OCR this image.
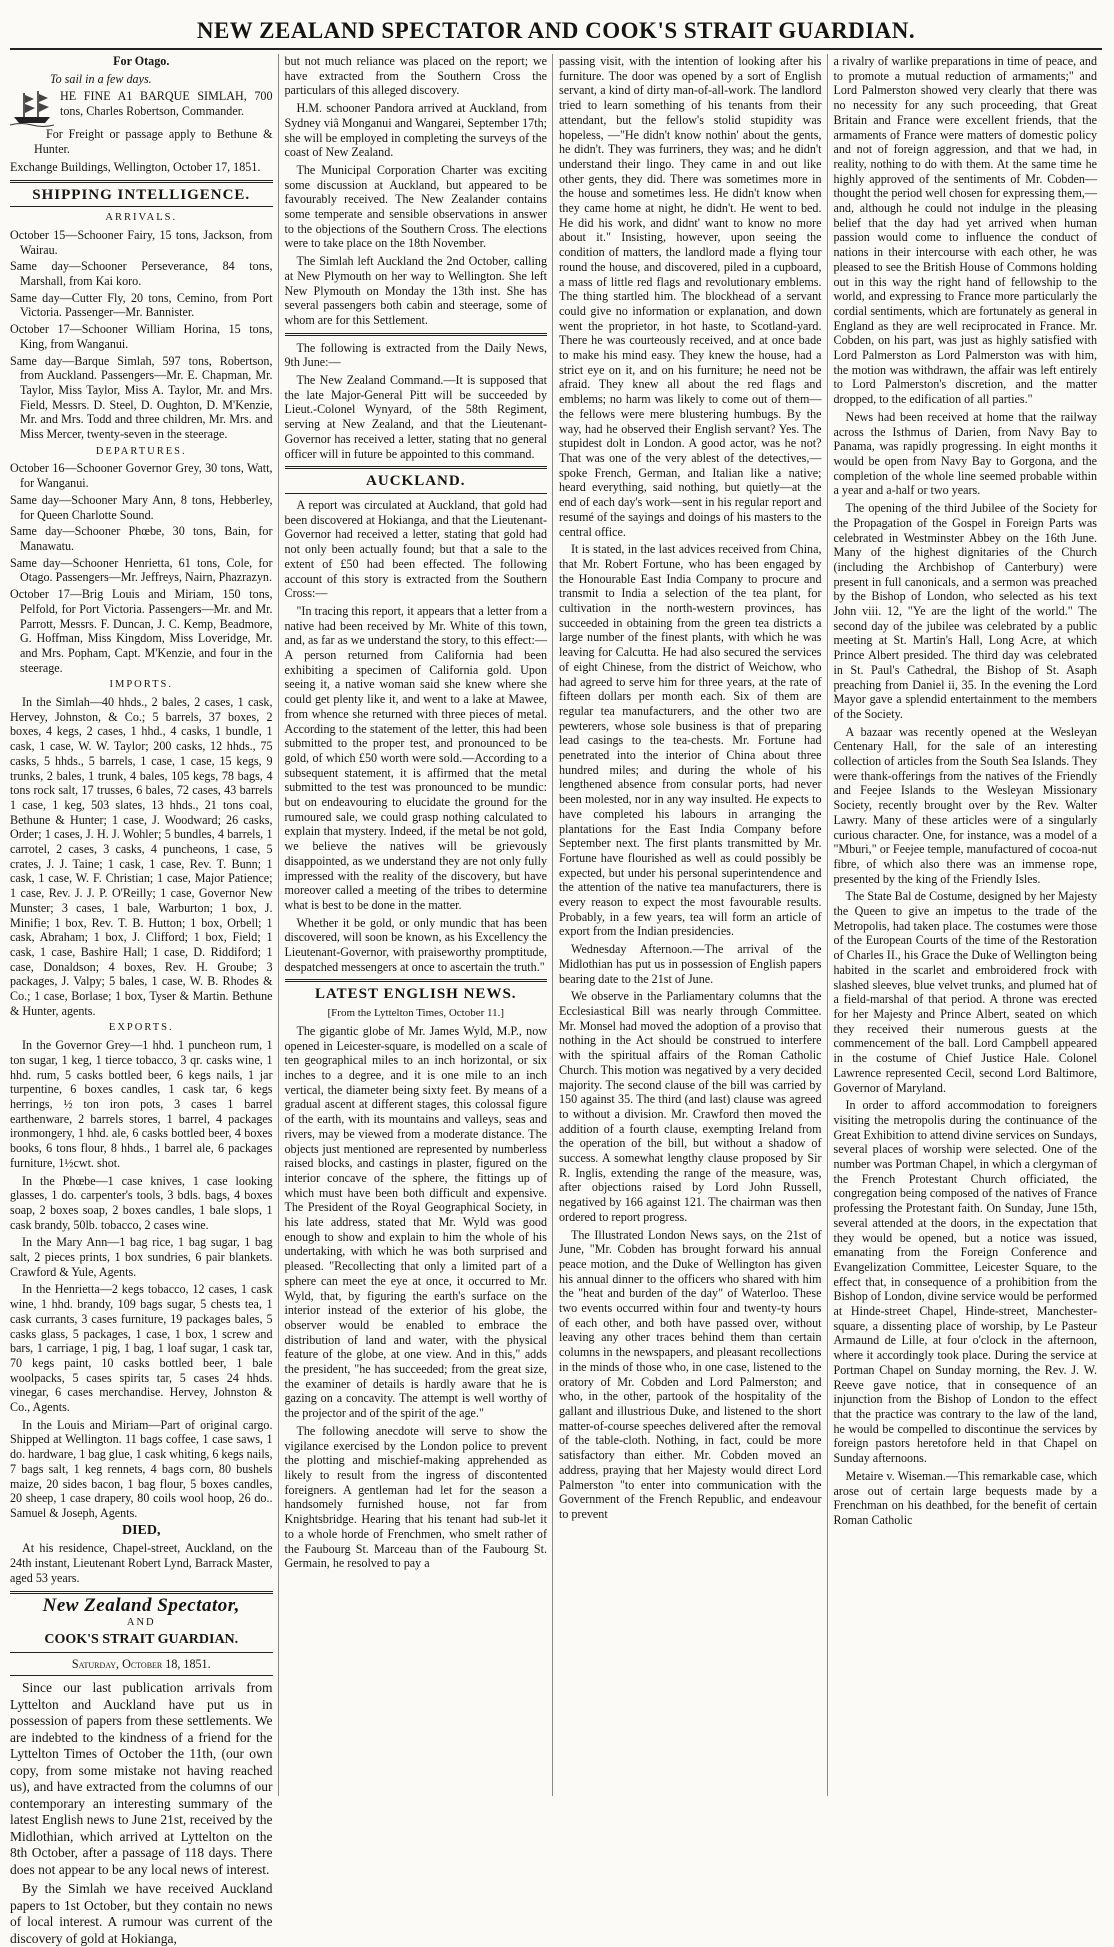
NEW ZEALAND SPECTATOR AND COOK'S STRAIT GUARDIAN.

For Otago.

To sail in a few days.

HE FINE A1 BARQUE SIMLAH, 700 tons, Charles Robertson, Commander.

For Freight or passage apply to Bethune & Hunter.

Exchange Buildings, Wellington, October 17, 1851.

SHIPPING INTELLIGENCE.

ARRIVALS.

October 15—Schooner Fairy, 15 tons, Jackson, from Wairau.

Same day—Schooner Perseverance, 84 tons, Marshall, from Kai koro.

Same day—Cutter Fly, 20 tons, Cemino, from Port Victoria. Passenger—Mr. Bannister.

October 17—Schooner William Horina, 15 tons, King, from Wanganui.

Same day—Barque Simlah, 597 tons, Robertson, from Auckland. Passengers—Mr. E. Chapman, Mr. Taylor, Miss Taylor, Miss A. Taylor, Mr. and Mrs. Field, Messrs. D. Steel, D. Oughton, D. M'Kenzie, Mr. and Mrs. Todd and three children, Mr. Mrs. and Miss Mercer, twenty-seven in the steerage.

DEPARTURES.

October 16—Schooner Governor Grey, 30 tons, Watt, for Wanganui.

Same day—Schooner Mary Ann, 8 tons, Hebberley, for Queen Charlotte Sound.

Same day—Schooner Phœbe, 30 tons, Bain, for Manawatu.

Same day—Schooner Henrietta, 61 tons, Cole, for Otago. Passengers—Mr. Jeffreys, Nairn, Phazrazyn.

October 17—Brig Louis and Miriam, 150 tons, Pelfold, for Port Victoria. Passengers—Mr. and Mr. Parrott, Messrs. F. Duncan, J. C. Kemp, Beadmore, G. Hoffman, Miss Kingdom, Miss Loveridge, Mr. and Mrs. Popham, Capt. M'Kenzie, and four in the steerage.

IMPORTS.

In the Simlah—40 hhds., 2 bales, 2 cases, 1 cask, Hervey, Johnston, & Co.; 5 barrels, 37 boxes, 2 boxes, 4 kegs, 2 cases, 1 hhd., 4 casks, 1 bundle, 1 cask, 1 case, W. W. Taylor; 200 casks, 12 hhds., 75 casks, 5 hhds., 5 barrels, 1 case, 1 case, 15 kegs, 9 trunks, 2 bales, 1 trunk, 4 bales, 105 kegs, 78 bags, 4 tons rock salt, 17 trusses, 6 bales, 72 cases, 43 barrels 1 case, 1 keg, 503 slates, 13 hhds., 21 tons coal, Bethune & Hunter; 1 case, J. Woodward; 26 casks, Order; 1 cases, J. H. J. Wohler; 5 bundles, 4 barrels, 1 carrotel, 2 cases, 3 casks, 4 puncheons, 1 case, 5 crates, J. J. Taine; 1 cask, 1 case, Rev. T. Bunn; 1 cask, 1 case, W. F. Christian; 1 case, Major Patience; 1 case, Rev. J. J. P. O'Reilly; 1 case, Governor New Munster; 3 cases, 1 bale, Warburton; 1 box, J. Minifie; 1 box, Rev. T. B. Hutton; 1 box, Orbell; 1 cask, Abraham; 1 box, J. Clifford; 1 box, Field; 1 cask, 1 case, Bashire Hall; 1 case, D. Riddiford; 1 case, Donaldson; 4 boxes, Rev. H. Groube; 3 packages, J. Valpy; 5 bales, 1 case, W. B. Rhodes & Co.; 1 case, Borlase; 1 box, Tyser & Martin. Bethune & Hunter, agents.

EXPORTS.

In the Governor Grey—1 hhd. 1 puncheon rum, 1 ton sugar, 1 keg, 1 tierce tobacco, 3 qr. casks wine, 1 hhd. rum, 5 casks bottled beer, 6 kegs nails, 1 jar turpentine, 6 boxes candles, 1 cask tar, 6 kegs herrings, ½ ton iron pots, 3 cases 1 barrel earthenware, 2 barrels stores, 1 barrel, 4 packages ironmongery, 1 hhd. ale, 6 casks bottled beer, 4 boxes books, 6 tons flour, 8 hhds., 1 barrel ale, 6 packages furniture, 1½cwt. shot.

In the Phœbe—1 case knives, 1 case looking glasses, 1 do. carpenter's tools, 3 bdls. bags, 4 boxes soap, 2 boxes soap, 2 boxes candles, 1 bale slops, 1 cask brandy, 50lb. tobacco, 2 cases wine.

In the Mary Ann—1 bag rice, 1 bag sugar, 1 bag salt, 2 pieces prints, 1 box sundries, 6 pair blankets. Crawford & Yule, Agents.

In the Henrietta—2 kegs tobacco, 12 cases, 1 cask wine, 1 hhd. brandy, 109 bags sugar, 5 chests tea, 1 cask currants, 3 cases furniture, 19 packages bales, 5 casks glass, 5 packages, 1 case, 1 box, 1 screw and bars, 1 carriage, 1 pig, 1 bag, 1 loaf sugar, 1 cask tar, 70 kegs paint, 10 casks bottled beer, 1 bale woolpacks, 5 cases spirits tar, 5 cases 24 hhds. vinegar, 6 cases merchandise. Hervey, Johnston & Co., Agents.

In the Louis and Miriam—Part of original cargo. Shipped at Wellington. 11 bags coffee, 1 case saws, 1 do. hardware, 1 bag glue, 1 cask whiting, 6 kegs nails, 7 bags salt, 1 keg rennets, 4 bags corn, 80 bushels maize, 20 sides bacon, 1 bag flour, 5 boxes candles, 20 sheep, 1 case drapery, 80 coils wool hoop, 26 do.. Samuel & Joseph, Agents.

DIED,

At his residence, Chapel-street, Auckland, on the 24th instant, Lieutenant Robert Lynd, Barrack Master, aged 53 years.

New Zealand Spectator,

AND

COOK'S STRAIT GUARDIAN.

Saturday, October 18, 1851.

Since our last publication arrivals from Lyttelton and Auckland have put us in possession of papers from these settlements. We are indebted to the kindness of a friend for the Lyttelton Times of October the 11th, (our own copy, from some mistake not having reached us), and have extracted from the columns of our contemporary an interesting summary of the latest English news to June 21st, received by the Midlothian, which arrived at Lyttelton on the 8th October, after a passage of 118 days. There does not appear to be any local news of interest.

By the Simlah we have received Auckland papers to 1st October, but they contain no news of local interest. A rumour was current of the discovery of gold at Hokianga,

but not much reliance was placed on the report; we have extracted from the Southern Cross the particulars of this alleged discovery.

H.M. schooner Pandora arrived at Auckland, from Sydney viâ Monganui and Wangarei, September 17th; she will be employed in completing the surveys of the coast of New Zealand.

The Municipal Corporation Charter was exciting some discussion at Auckland, but appeared to be favourably received. The New Zealander contains some temperate and sensible observations in answer to the objections of the Southern Cross. The elections were to take place on the 18th November.

The Simlah left Auckland the 2nd October, calling at New Plymouth on her way to Wellington. She left New Plymouth on Monday the 13th inst. She has several passengers both cabin and steerage, some of whom are for this Settlement.

The following is extracted from the Daily News, 9th June:—

The New Zealand Command.—It is supposed that the late Major-General Pitt will be succeeded by Lieut.-Colonel Wynyard, of the 58th Regiment, serving at New Zealand, and that the Lieutenant-Governor has received a letter, stating that no general officer will in future be appointed to this command.

AUCKLAND.

A report was circulated at Auckland, that gold had been discovered at Hokianga, and that the Lieutenant-Governor had received a letter, stating that gold had not only been actually found; but that a sale to the extent of £50 had been effected. The following account of this story is extracted from the Southern Cross:—

"In tracing this report, it appears that a letter from a native had been received by Mr. White of this town, and, as far as we understand the story, to this effect:—A person returned from California had been exhibiting a specimen of California gold. Upon seeing it, a native woman said she knew where she could get plenty like it, and went to a lake at Mawee, from whence she returned with three pieces of metal. According to the statement of the letter, this had been submitted to the proper test, and pronounced to be gold, of which £50 worth were sold.—According to a subsequent statement, it is affirmed that the metal submitted to the test was pronounced to be mundic: but on endeavouring to elucidate the ground for the rumoured sale, we could grasp nothing calculated to explain that mystery. Indeed, if the metal be not gold, we believe the natives will be grievously disappointed, as we understand they are not only fully impressed with the reality of the discovery, but have moreover called a meeting of the tribes to determine what is best to be done in the matter.

Whether it be gold, or only mundic that has been discovered, will soon be known, as his Excellency the Lieutenant-Governor, with praiseworthy promptitude, despatched messengers at once to ascertain the truth."

LATEST ENGLISH NEWS.

[From the Lyttelton Times, October 11.]

The gigantic globe of Mr. James Wyld, M.P., now opened in Leicester-square, is modelled on a scale of ten geographical miles to an inch horizontal, or six inches to a degree, and it is one mile to an inch vertical, the diameter being sixty feet. By means of a gradual ascent at different stages, this colossal figure of the earth, with its mountains and valleys, seas and rivers, may be viewed from a moderate distance. The objects just mentioned are represented by numberless raised blocks, and castings in plaster, figured on the interior concave of the sphere, the fittings up of which must have been both difficult and expensive. The President of the Royal Geographical Society, in his late address, stated that Mr. Wyld was good enough to show and explain to him the whole of his undertaking, with which he was both surprised and pleased. "Recollecting that only a limited part of a sphere can meet the eye at once, it occurred to Mr. Wyld, that, by figuring the earth's surface on the interior instead of the exterior of his globe, the observer would be enabled to embrace the distribution of land and water, with the physical feature of the globe, at one view. And in this," adds the president, "he has succeeded; from the great size, the examiner of details is hardly aware that he is gazing on a concavity. The attempt is well worthy of the projector and of the spirit of the age."

The following anecdote will serve to show the vigilance exercised by the London police to prevent the plotting and mischief-making apprehended as likely to result from the ingress of discontented foreigners. A gentleman had let for the season a handsomely furnished house, not far from Knightsbridge. Hearing that his tenant had sub-let it to a whole horde of Frenchmen, who smelt rather of the Faubourg St. Marceau than of the Faubourg St. Germain, he resolved to pay a

passing visit, with the intention of looking after his furniture. The door was opened by a sort of English servant, a kind of dirty man-of-all-work. The landlord tried to learn something of his tenants from their attendant, but the fellow's stolid stupidity was hopeless, —"He didn't know nothin' about the gents, he didn't. They was furriners, they was; and he didn't understand their lingo. They came in and out like other gents, they did. There was sometimes more in the house and sometimes less. He didn't know when they came home at night, he didn't. He went to bed. He did his work, and didnt' want to know no more about it." Insisting, however, upon seeing the condition of matters, the landlord made a flying tour round the house, and discovered, piled in a cupboard, a mass of little red flags and revolutionary emblems. The thing startled him. The blockhead of a servant could give no information or explanation, and down went the proprietor, in hot haste, to Scotland-yard. There he was courteously received, and at once bade to make his mind easy. They knew the house, had a strict eye on it, and on his furniture; he need not be afraid. They knew all about the red flags and emblems; no harm was likely to come out of them—the fellows were mere blustering humbugs. By the way, had he observed their English servant? Yes. The stupidest dolt in London. A good actor, was he not? That was one of the very ablest of the detectives,—spoke French, German, and Italian like a native; heard everything, said nothing, but quietly—at the end of each day's work—sent in his regular report and resumé of the sayings and doings of his masters to the central office.

It is stated, in the last advices received from China, that Mr. Robert Fortune, who has been engaged by the Honourable East India Company to procure and transmit to India a selection of the tea plant, for cultivation in the north-western provinces, has succeeded in obtaining from the green tea districts a large number of the finest plants, with which he was leaving for Calcutta. He had also secured the services of eight Chinese, from the district of Weichow, who had agreed to serve him for three years, at the rate of fifteen dollars per month each. Six of them are regular tea manufacturers, and the other two are pewterers, whose sole business is that of preparing lead casings to the tea-chests. Mr. Fortune had penetrated into the interior of China about three hundred miles; and during the whole of his lengthened absence from consular ports, had never been molested, nor in any way insulted. He expects to have completed his labours in arranging the plantations for the East India Company before September next. The first plants transmitted by Mr. Fortune have flourished as well as could possibly be expected, but under his personal superintendence and the attention of the native tea manufacturers, there is every reason to expect the most favourable results. Probably, in a few years, tea will form an article of export from the Indian presidencies.

Wednesday Afternoon.—The arrival of the Midlothian has put us in possession of English papers bearing date to the 21st of June.

We observe in the Parliamentary columns that the Ecclesiastical Bill was nearly through Committee. Mr. Monsel had moved the adoption of a proviso that nothing in the Act should be construed to interfere with the spiritual affairs of the Roman Catholic Church. This motion was negatived by a very decided majority. The second clause of the bill was carried by 150 against 35. The third (and last) clause was agreed to without a division. Mr. Crawford then moved the addition of a fourth clause, exempting Ireland from the operation of the bill, but without a shadow of success. A somewhat lengthy clause proposed by Sir R. Inglis, extending the range of the measure, was, after objections raised by Lord John Russell, negatived by 166 against 121. The chairman was then ordered to report progress.

The Illustrated London News says, on the 21st of June, "Mr. Cobden has brought forward his annual peace motion, and the Duke of Wellington has given his annual dinner to the officers who shared with him the "heat and burden of the day" of Waterloo. These two events occurred within four and twenty-ty hours of each other, and both have passed over, without leaving any other traces behind them than certain columns in the newspapers, and pleasant recollections in the minds of those who, in one case, listened to the oratory of Mr. Cobden and Lord Palmerston; and who, in the other, partook of the hospitality of the gallant and illustrious Duke, and listened to the short matter-of-course speeches delivered after the removal of the table-cloth. Nothing, in fact, could be more satisfactory than either. Mr. Cobden moved an address, praying that her Majesty would direct Lord Palmerston "to enter into communication with the Government of the French Republic, and endeavour to prevent

a rivalry of warlike preparations in time of peace, and to promote a mutual reduction of armaments;" and Lord Palmerston showed very clearly that there was no necessity for any such proceeding, that Great Britain and France were excellent friends, that the armaments of France were matters of domestic policy and not of foreign aggression, and that we had, in reality, nothing to do with them. At the same time he highly approved of the sentiments of Mr. Cobden—thought the period well chosen for expressing them,—and, although he could not indulge in the pleasing belief that the day had yet arrived when human passion would come to influence the conduct of nations in their intercourse with each other, he was pleased to see the British House of Commons holding out in this way the right hand of fellowship to the world, and expressing to France more particularly the cordial sentiments, which are fortunately as general in England as they are well reciprocated in France. Mr. Cobden, on his part, was just as highly satisfied with Lord Palmerston as Lord Palmerston was with him, the motion was withdrawn, the affair was left entirely to Lord Palmerston's discretion, and the matter dropped, to the edification of all parties."

News had been received at home that the railway across the Isthmus of Darien, from Navy Bay to Panama, was rapidly progressing. In eight months it would be open from Navy Bay to Gorgona, and the completion of the whole line seemed probable within a year and a-half or two years.

The opening of the third Jubilee of the Society for the Propagation of the Gospel in Foreign Parts was celebrated in Westminster Abbey on the 16th June. Many of the highest dignitaries of the Church (including the Archbishop of Canterbury) were present in full canonicals, and a sermon was preached by the Bishop of London, who selected as his text John viii. 12, "Ye are the light of the world." The second day of the jubilee was celebrated by a public meeting at St. Martin's Hall, Long Acre, at which Prince Albert presided. The third day was celebrated in St. Paul's Cathedral, the Bishop of St. Asaph preaching from Daniel ii, 35. In the evening the Lord Mayor gave a splendid entertainment to the members of the Society.

A bazaar was recently opened at the Wesleyan Centenary Hall, for the sale of an interesting collection of articles from the South Sea Islands. They were thank-offerings from the natives of the Friendly and Feejee Islands to the Wesleyan Missionary Society, recently brought over by the Rev. Walter Lawry. Many of these articles were of a singularly curious character. One, for instance, was a model of a "Mburi," or Feejee temple, manufactured of cocoa-nut fibre, of which also there was an immense rope, presented by the king of the Friendly Isles.

The State Bal de Costume, designed by her Majesty the Queen to give an impetus to the trade of the Metropolis, had taken place. The costumes were those of the European Courts of the time of the Restoration of Charles II., his Grace the Duke of Wellington being habited in the scarlet and embroidered frock with slashed sleeves, blue velvet trunks, and plumed hat of a field-marshal of that period. A throne was erected for her Majesty and Prince Albert, seated on which they received their numerous guests at the commencement of the ball. Lord Campbell appeared in the costume of Chief Justice Hale. Colonel Lawrence represented Cecil, second Lord Baltimore, Governor of Maryland.

In order to afford accommodation to foreigners visiting the metropolis during the continuance of the Great Exhibition to attend divine services on Sundays, several places of worship were selected. One of the number was Portman Chapel, in which a clergyman of the French Protestant Church officiated, the congregation being composed of the natives of France professing the Protestant faith. On Sunday, June 15th, several attended at the doors, in the expectation that they would be opened, but a notice was issued, emanating from the Foreign Conference and Evangelization Committee, Leicester Square, to the effect that, in consequence of a prohibition from the Bishop of London, divine service would be performed at Hinde-street Chapel, Hinde-street, Manchester-square, a dissenting place of worship, by Le Pasteur Armaund de Lille, at four o'clock in the afternoon, where it accordingly took place. During the service at Portman Chapel on Sunday morning, the Rev. J. W. Reeve gave notice, that in consequence of an injunction from the Bishop of London to the effect that the practice was contrary to the law of the land, he would be compelled to discontinue the services by foreign pastors heretofore held in that Chapel on Sunday afternoons.

Metaire v. Wiseman.—This remarkable case, which arose out of certain large bequests made by a Frenchman on his deathbed, for the benefit of certain Roman Catholic
